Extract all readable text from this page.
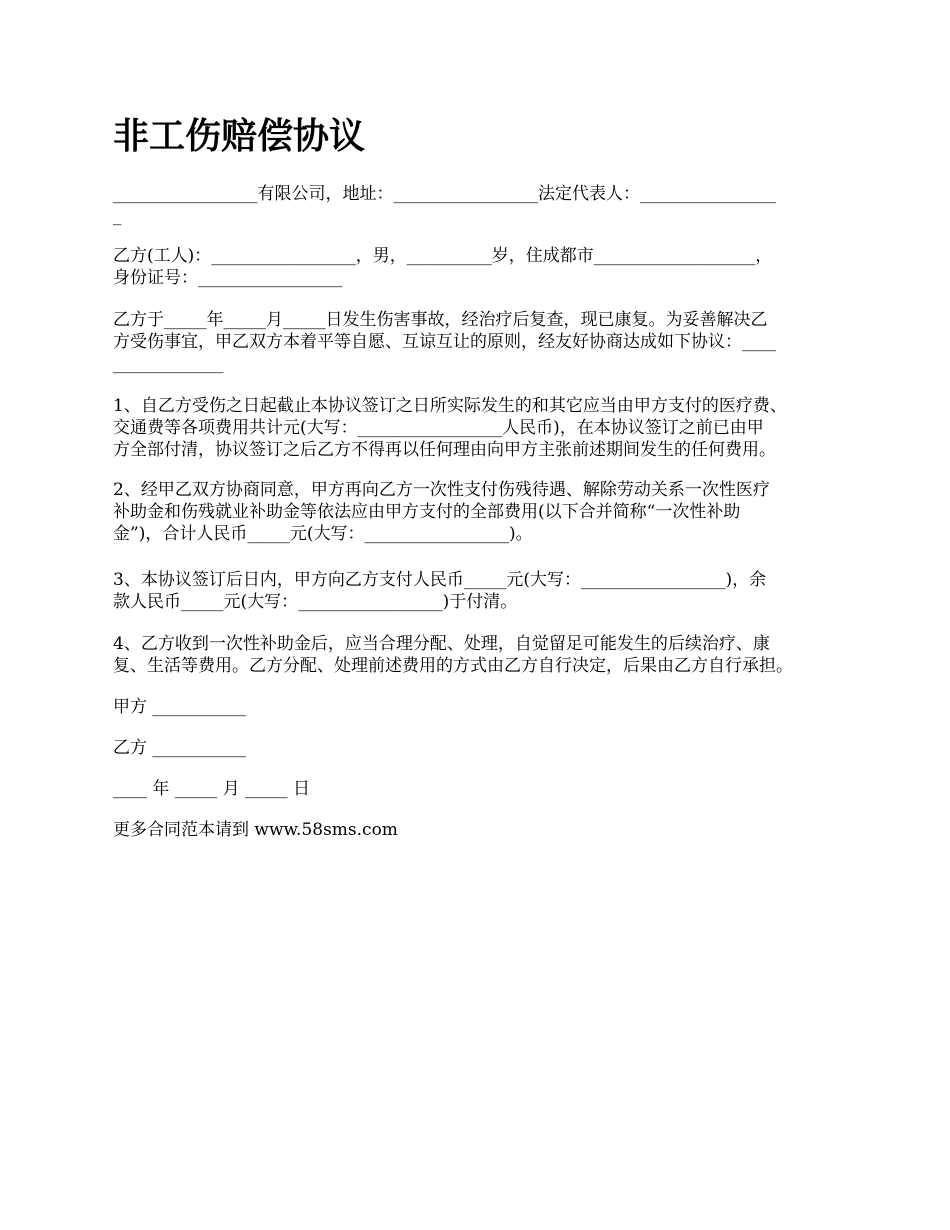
非工伤赔偿协议

_________________有限公司，地址：_________________法定代表人：________________
_

乙方(工人)：_________________，男，__________岁，住成都市___________________，
身份证号：_________________

乙方于_____年_____月_____日发生伤害事故，经治疗后复查，现已康复。为妥善解决乙
方受伤事宜，甲乙双方本着平等自愿、互谅互让的原则，经友好协商达成如下协议：____
_____________

1、自乙方受伤之日起截止本协议签订之日所实际发生的和其它应当由甲方支付的医疗费、
交通费等各项费用共计元(大写：_________________人民币)，在本协议签订之前已由甲
方全部付清，协议签订之后乙方不得再以任何理由向甲方主张前述期间发生的任何费用。

2、经甲乙双方协商同意，甲方再向乙方一次性支付伤残待遇、解除劳动关系一次性医疗
补助金和伤残就业补助金等依法应由甲方支付的全部费用(以下合并简称“一次性补助
金”)，合计人民币_____元(大写：_________________)。

3、本协议签订后日内，甲方向乙方支付人民币_____元(大写：_________________)，余
款人民币_____元(大写：_________________)于付清。

4、乙方收到一次性补助金后，应当合理分配、处理，自觉留足可能发生的后续治疗、康
复、生活等费用。乙方分配、处理前述费用的方式由乙方自行决定，后果由乙方自行承担。

甲方 ___________

乙方 ___________

____ 年 _____ 月 _____ 日

更多合同范本请到 www.58sms.com
